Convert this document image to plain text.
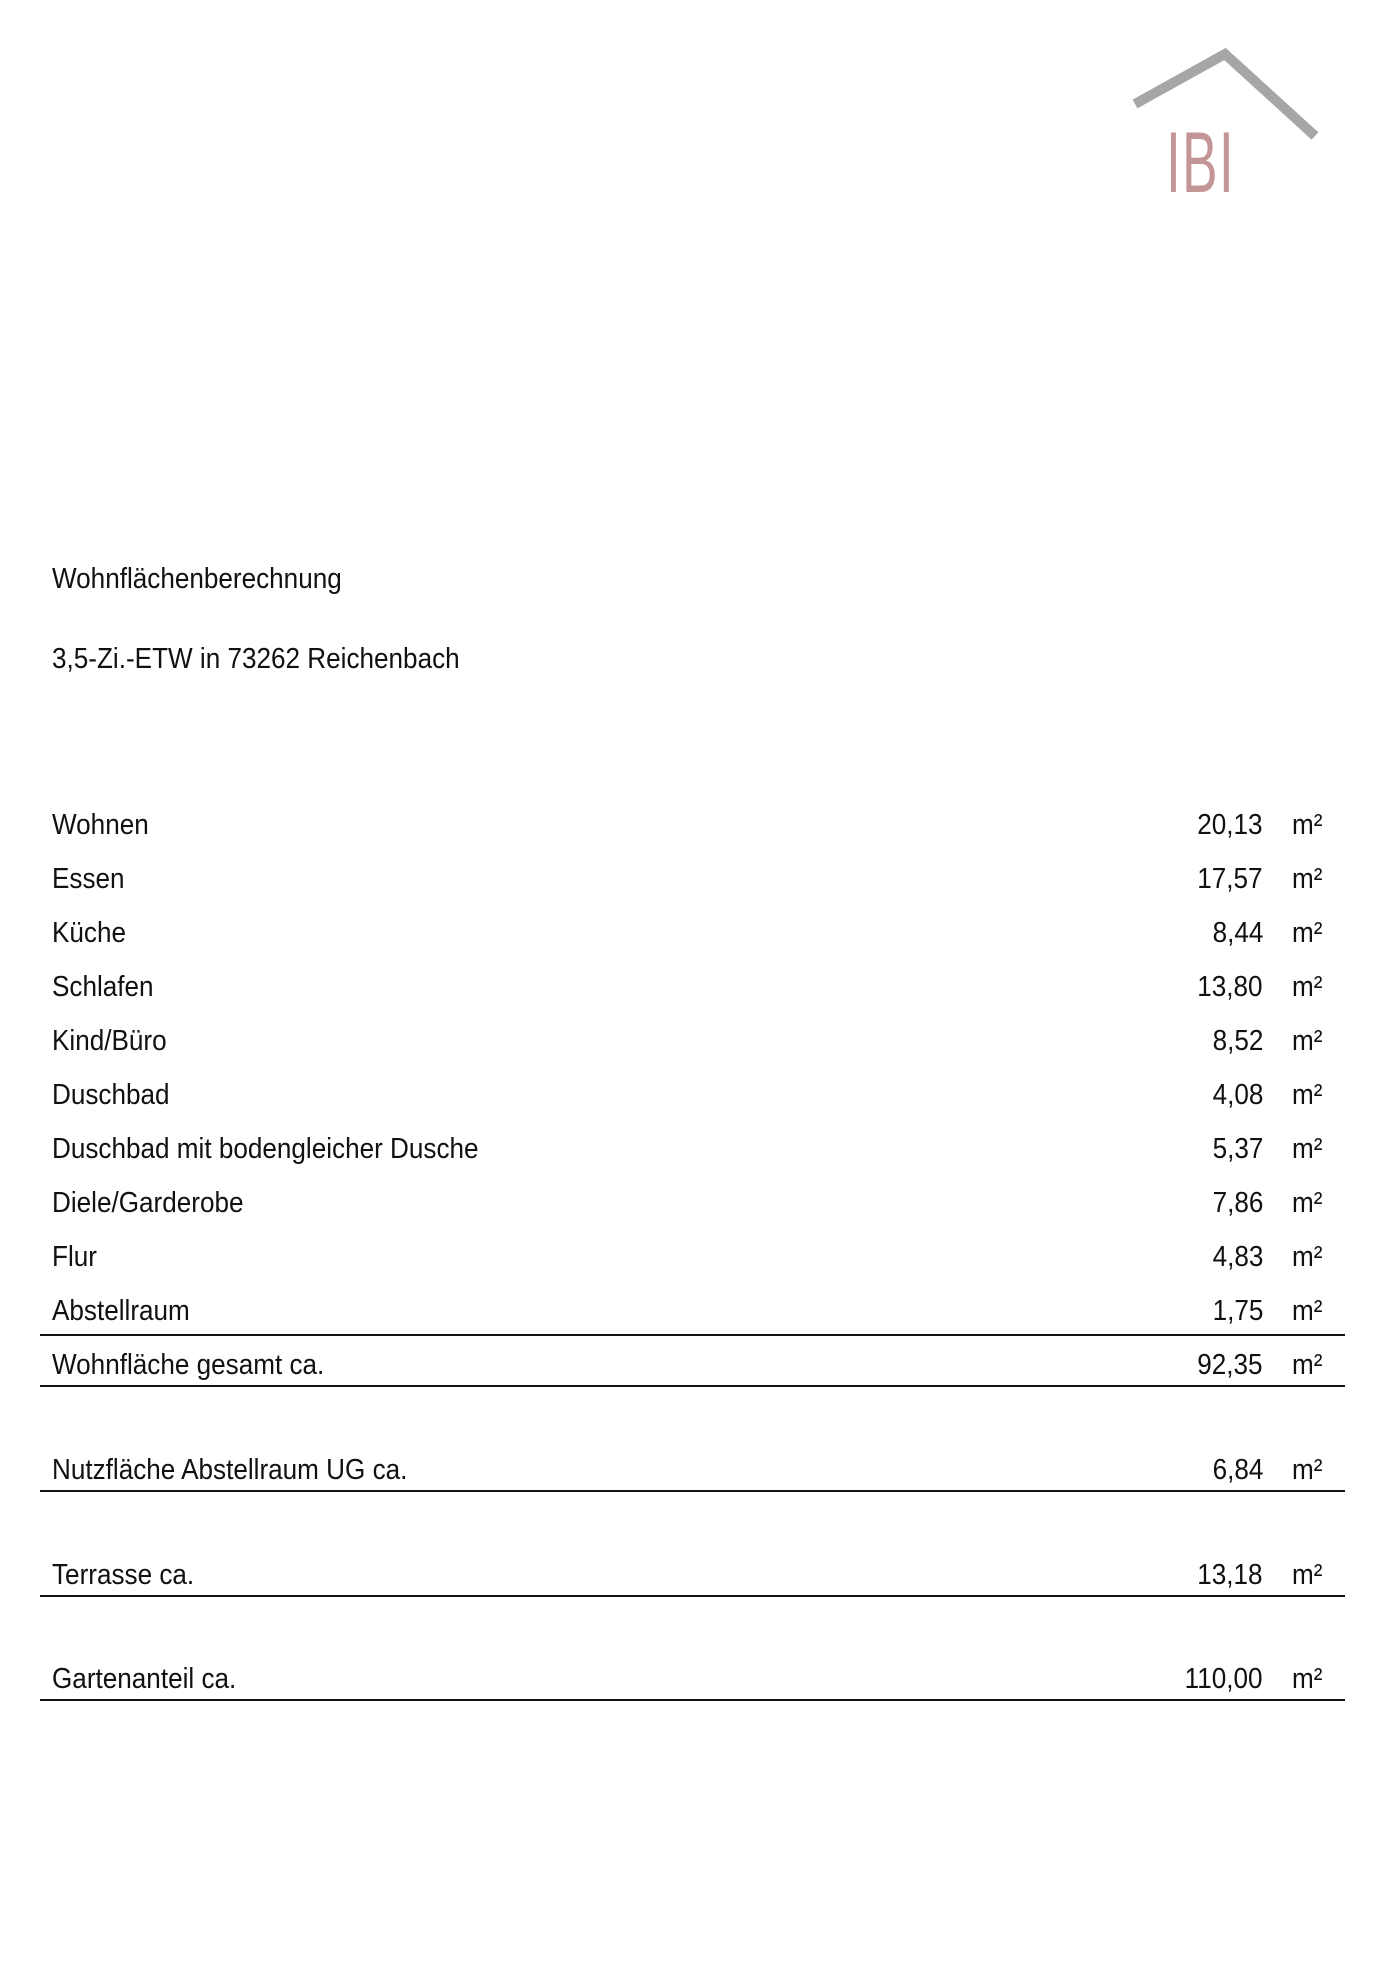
IBI
Wohnflächenberechnung
3,5-Zi.-ETW in 73262 Reichenbach
Wohnen	20,13 m²
Essen	17,57 m²
Küche	8,44 m²
Schlafen	13,80 m²
Kind/Büro	8,52 m²
Duschbad	4,08 m²
Duschbad mit bodengleicher Dusche	5,37 m²
Diele/Garderobe	7,86 m²
Flur	4,83 m²
Abstellraum	1,75 m²
Wohnfläche gesamt ca.	92,35 m²
Nutzfläche Abstellraum UG ca.	6,84 m²
Terrasse ca.	13,18 m²
Gartenanteil ca.	110,00 m²
